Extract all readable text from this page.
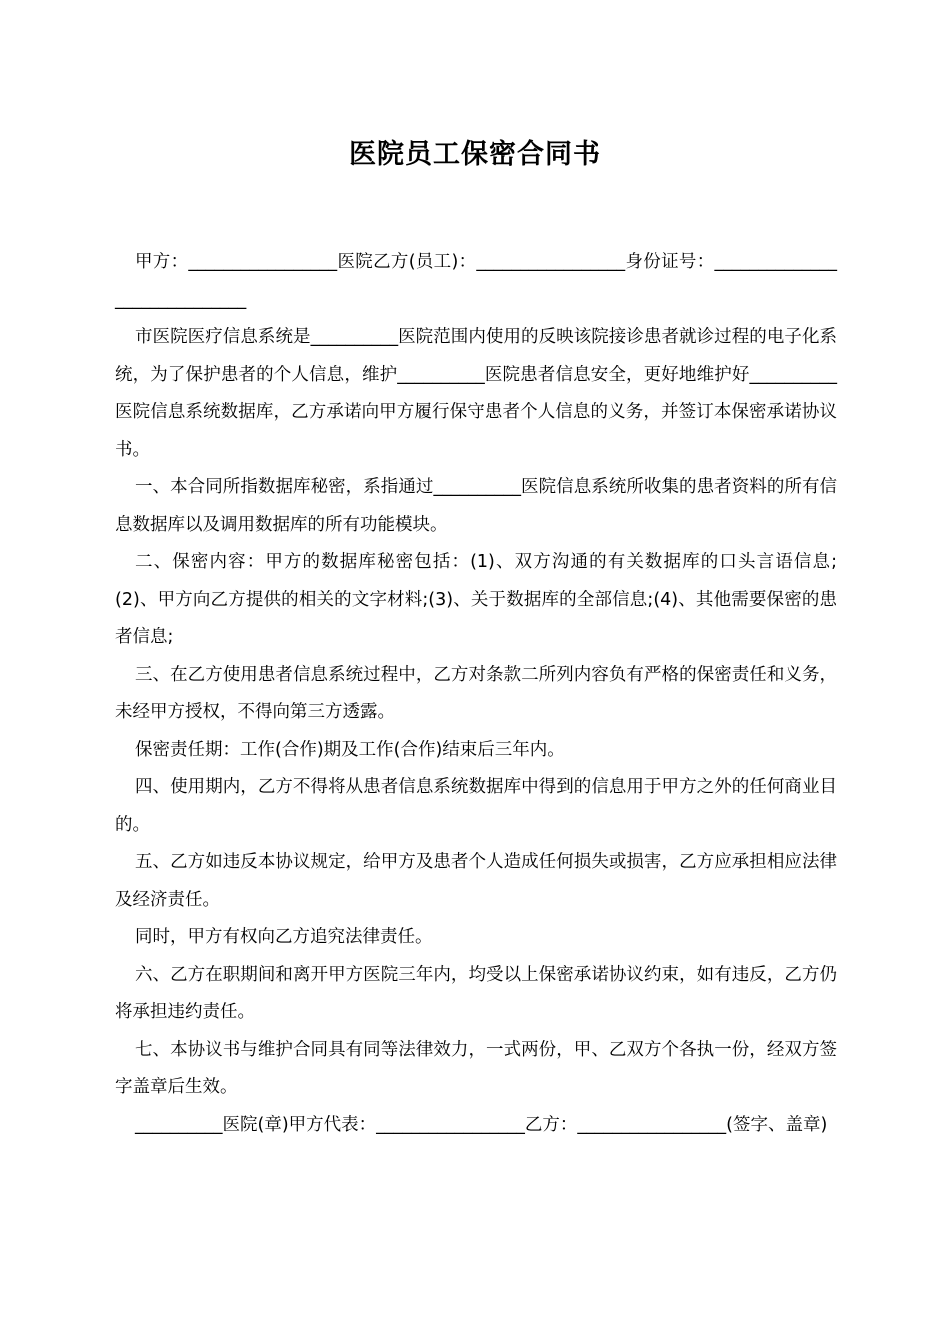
医院员工保密合同书

甲方：_________________医院乙方(员工)：_________________身份证号：_____________________________

市医院医疗信息系统是__________医院范围内使用的反映该院接诊患者就诊过程的电子化系统，为了保护患者的个人信息，维护__________医院患者信息安全，更好地维护好__________医院信息系统数据库，乙方承诺向甲方履行保守患者个人信息的义务，并签订本保密承诺协议书。

一、本合同所指数据库秘密，系指通过__________医院信息系统所收集的患者资料的所有信息数据库以及调用数据库的所有功能模块。

二、保密内容：甲方的数据库秘密包括：(1)、双方沟通的有关数据库的口头言语信息;(2)、甲方向乙方提供的相关的文字材料;(3)、关于数据库的全部信息;(4)、其他需要保密的患者信息;

三、在乙方使用患者信息系统过程中，乙方对条款二所列内容负有严格的保密责任和义务，未经甲方授权，不得向第三方透露。

保密责任期：工作(合作)期及工作(合作)结束后三年内。

四、使用期内，乙方不得将从患者信息系统数据库中得到的信息用于甲方之外的任何商业目的。

五、乙方如违反本协议规定，给甲方及患者个人造成任何损失或损害，乙方应承担相应法律及经济责任。

同时，甲方有权向乙方追究法律责任。

六、乙方在职期间和离开甲方医院三年内，均受以上保密承诺协议约束，如有违反，乙方仍将承担违约责任。

七、本协议书与维护合同具有同等法律效力，一式两份，甲、乙双方个各执一份，经双方签字盖章后生效。

__________医院(章)甲方代表：_________________乙方：_________________(签字、盖章)
